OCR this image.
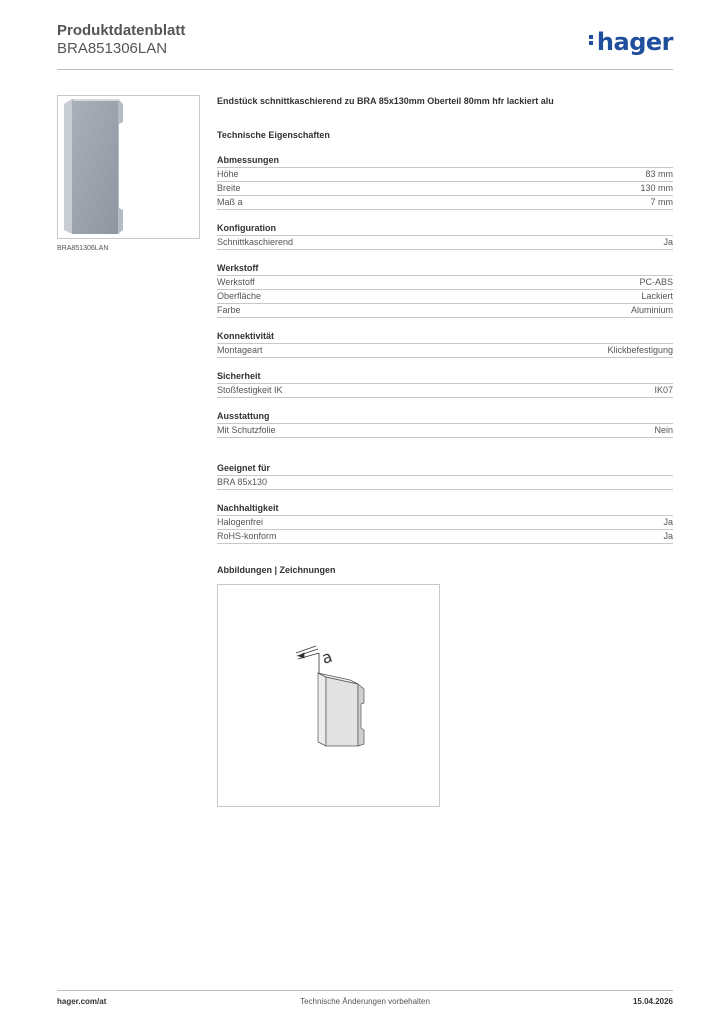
Produktdatenblatt

BRA851306LAN	hager
BRA851306LAN

Endstück schnittkaschierend zu BRA 85x130mm Oberteil 80mm hfr lackiert alu

Technische Eigenschaften

Abmessungen
Höhe	83 mm
Breite	130 mm
Maß a	7 mm
Konfiguration
Schnittkaschierend	Ja
Werkstoff
Werkstoff	PC-ABS
Oberfläche	Lackiert
Farbe	Aluminium
Konnektivität
Montageart	Klickbefestigung
Sicherheit
Stoßfestigkeit IK	IK07
Ausstattung
Mit Schutzfolie	Nein
Geeignet für
BRA 85x130
Nachhaltigkeit
Halogenfrei	Ja
RoHS-konform	Ja
Abbildungen | Zeichnungen
a
hager.com/at	Technische Änderungen vorbehalten	15.04.2026
